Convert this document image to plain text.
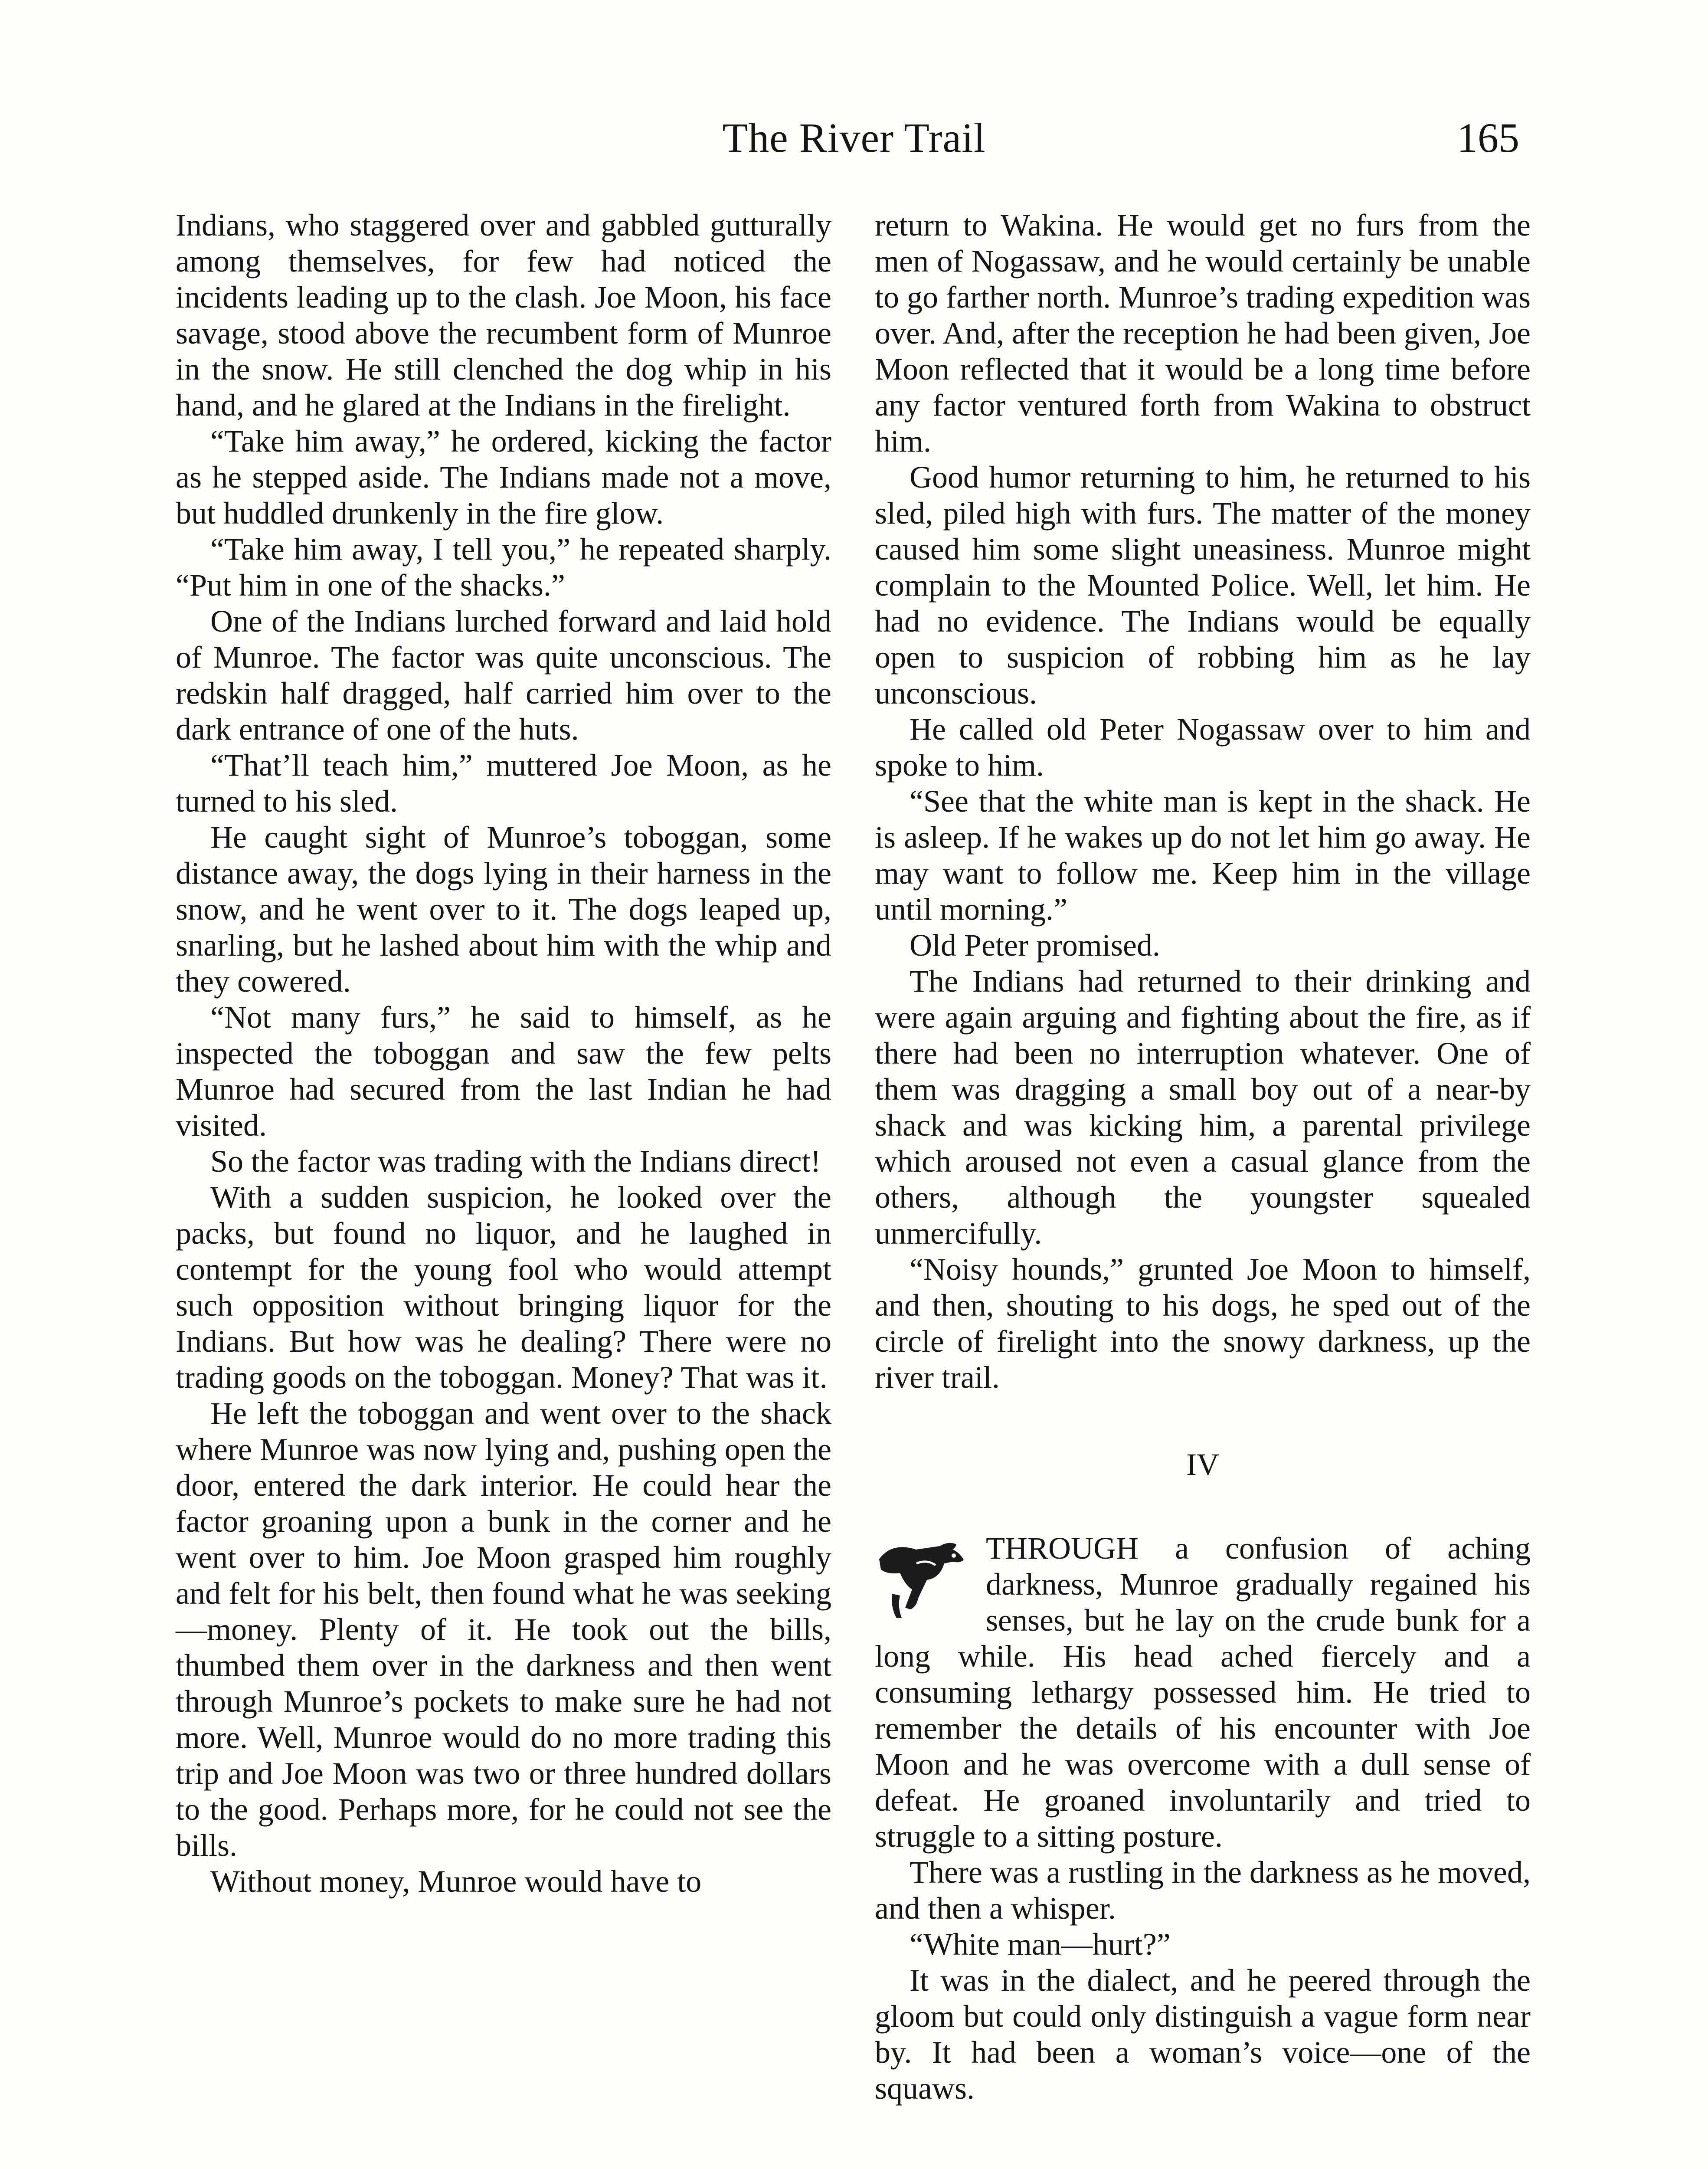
The River Trail	165

Indians, who staggered over and gabbled gutturally among themselves, for few had noticed the incidents leading up to the clash. Joe Moon, his face savage, stood above the recumbent form of Munroe in the snow. He still clenched the dog whip in his hand, and he glared at the Indians in the firelight.

“Take him away,” he ordered, kicking the factor as he stepped aside. The Indians made not a move, but huddled drunkenly in the fire glow.

“Take him away, I tell you,” he repeated sharply. “Put him in one of the shacks.”

One of the Indians lurched forward and laid hold of Munroe. The factor was quite unconscious. The redskin half dragged, half carried him over to the dark entrance of one of the huts.

“That’ll teach him,” muttered Joe Moon, as he turned to his sled.

He caught sight of Munroe’s toboggan, some distance away, the dogs lying in their harness in the snow, and he went over to it. The dogs leaped up, snarling, but he lashed about him with the whip and they cowered.

“Not many furs,” he said to himself, as he inspected the toboggan and saw the few pelts Munroe had secured from the last Indian he had visited.

So the factor was trading with the Indians direct!

With a sudden suspicion, he looked over the packs, but found no liquor, and he laughed in contempt for the young fool who would attempt such opposition without bringing liquor for the Indians. But how was he dealing? There were no trading goods on the toboggan. Money? That was it.

He left the toboggan and went over to the shack where Munroe was now lying and, pushing open the door, entered the dark interior. He could hear the factor groaning upon a bunk in the corner and he went over to him. Joe Moon grasped him roughly and felt for his belt, then found what he was seeking—money. Plenty of it. He took out the bills, thumbed them over in the darkness and then went through Munroe’s pockets to make sure he had not more. Well, Munroe would do no more trading this trip and Joe Moon was two or three hundred dollars to the good. Perhaps more, for he could not see the bills.

Without money, Munroe would have to

return to Wakina. He would get no furs from the men of Nogassaw, and he would certainly be unable to go farther north. Munroe’s trading expedition was over. And, after the reception he had been given, Joe Moon reflected that it would be a long time before any factor ventured forth from Wakina to obstruct him.

Good humor returning to him, he returned to his sled, piled high with furs. The matter of the money caused him some slight uneasiness. Munroe might complain to the Mounted Police. Well, let him. He had no evidence. The Indians would be equally open to suspicion of robbing him as he lay unconscious.

He called old Peter Nogassaw over to him and spoke to him.

“See that the white man is kept in the shack. He is asleep. If he wakes up do not let him go away. He may want to follow me. Keep him in the village until morning.”

Old Peter promised.

The Indians had returned to their drinking and were again arguing and fighting about the fire, as if there had been no interruption whatever. One of them was dragging a small boy out of a near-by shack and was kicking him, a parental privilege which aroused not even a casual glance from the others, although the youngster squealed unmercifully.

“Noisy hounds,” grunted Joe Moon to himself, and then, shouting to his dogs, he sped out of the circle of firelight into the snowy darkness, up the river trail.

IV

THROUGH a confusion of aching darkness, Munroe gradually regained his senses, but he lay on the crude bunk for a long while. His head ached fiercely and a consuming lethargy possessed him. He tried to remember the details of his encounter with Joe Moon and he was overcome with a dull sense of defeat. He groaned involuntarily and tried to struggle to a sitting posture.

There was a rustling in the darkness as he moved, and then a whisper.

“White man—hurt?”

It was in the dialect, and he peered through the gloom but could only distinguish a vague form near by. It had been a woman’s voice—one of the squaws.
